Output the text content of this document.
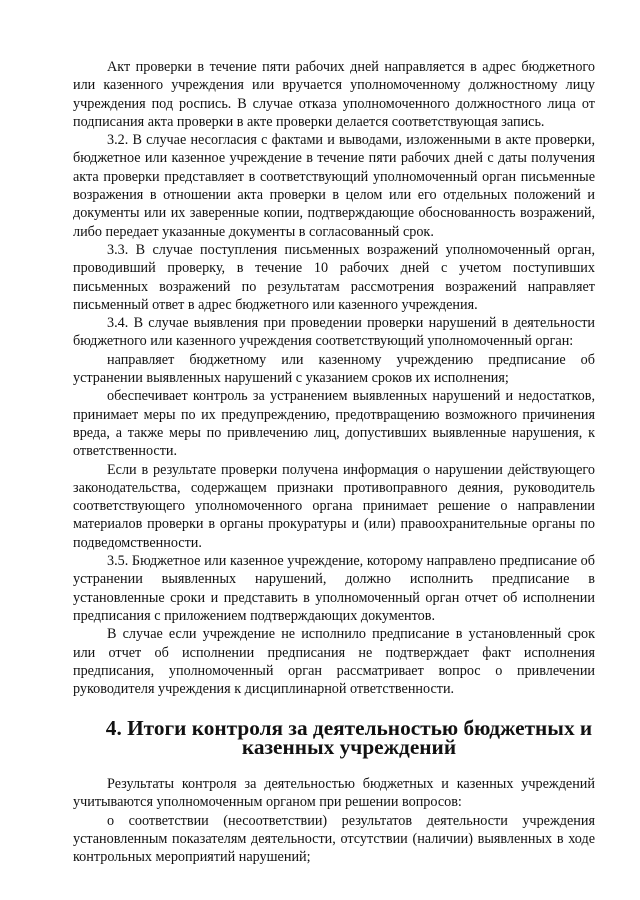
Акт проверки в течение пяти рабочих дней направляется в адрес бюджетного или казенного учреждения или вручается уполномоченному должностному лицу учреждения под роспись. В случае отказа уполномоченного должностного лица от подписания акта проверки в акте проверки делается соответствующая запись.

3.2. В случае несогласия с фактами и выводами, изложенными в акте проверки, бюджетное или казенное учреждение в течение пяти рабочих дней с даты получения акта проверки представляет в соответствующий уполномоченный орган письменные возражения в отношении акта проверки в целом или его отдельных положений и документы или их заверенные копии, подтверждающие обоснованность возражений, либо передает указанные документы в согласованный срок.

3.3. В случае поступления письменных возражений уполномоченный орган, проводивший проверку, в течение 10 рабочих дней с учетом поступивших письменных возражений по результатам рассмотрения возражений направляет письменный ответ в адрес бюджетного или казенного учреждения.

3.4. В случае выявления при проведении проверки нарушений в деятельности бюджетного или казенного учреждения соответствующий уполномоченный орган:

направляет бюджетному или казенному учреждению предписание об устранении выявленных нарушений с указанием сроков их исполнения;

обеспечивает контроль за устранением выявленных нарушений и недостатков, принимает меры по их предупреждению, предотвращению возможного причинения вреда, а также меры по привлечению лиц, допустивших выявленные нарушения, к ответственности.

Если в результате проверки получена информация о нарушении действующего законодательства, содержащем признаки противоправного деяния, руководитель соответствующего уполномоченного органа принимает решение о направлении материалов проверки в органы прокуратуры и (или) правоохранительные органы по подведомственности.

3.5. Бюджетное или казенное учреждение, которому направлено предписание об устранении выявленных нарушений, должно исполнить предписание в установленные сроки и представить в уполномоченный орган отчет об исполнении предписания с приложением подтверждающих документов.

В случае если учреждение не исполнило предписание в установленный срок или отчет об исполнении предписания не подтверждает факт исполнения предписания, уполномоченный орган рассматривает вопрос о привлечении руководителя учреждения к дисциплинарной ответственности.

4. Итоги контроля за деятельностью бюджетных и казенных учреждений

Результаты контроля за деятельностью бюджетных и казенных учреждений учитываются уполномоченным органом при решении вопросов:

о соответствии (несоответствии) результатов деятельности учреждения установленным показателям деятельности, отсутствии (наличии) выявленных в ходе контрольных мероприятий нарушений;
